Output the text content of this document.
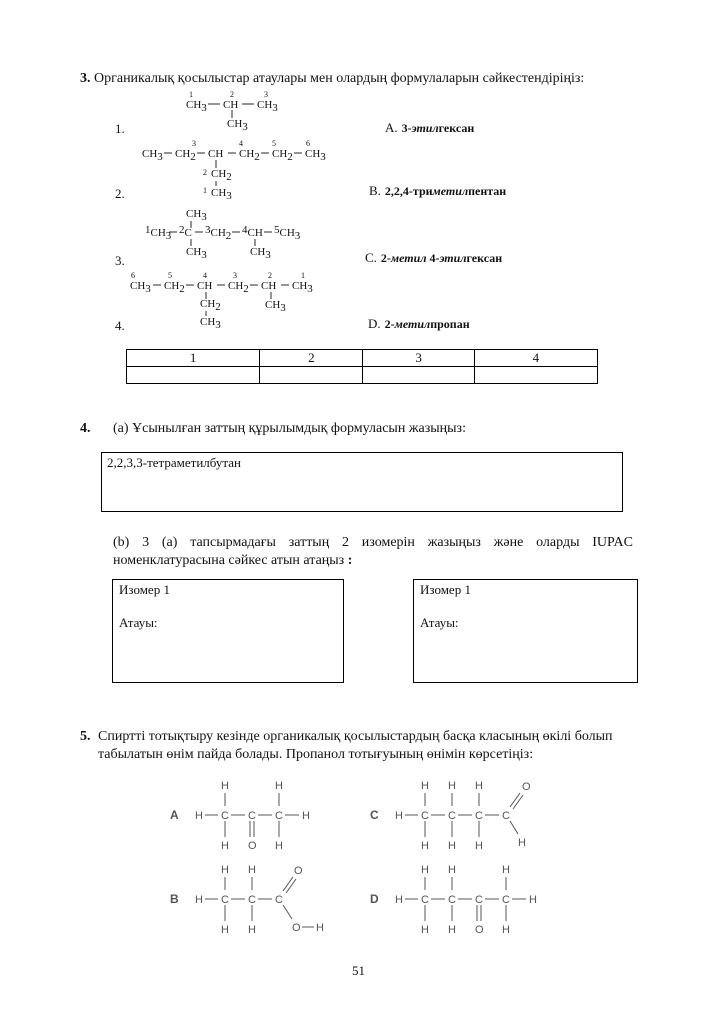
3. Органикалық қосылыстар атаулары мен олардың формулаларын сәйкестендіріңіз:
1	2	3
CH3 CH CH3
CH3
3	4	5	6
CH3 CH2 CH CH2 CH2 CH3
2 CH2
1 CH3
CH3
1CH3 2C 3CH2 4CH 5CH3
CH3	CH3
6	5	4	3	2	1
CH3 CH2 CH CH2 CH CH3
CH2
CH3
CH3
1.
2.
3.
4.
A. 3-этилгексан
B. 2,2,4-триметилпентан
C. 2-метил 4-этилгексан
D. 2-метилпропан
1	2	3	4

4. (а) Ұсынылған заттың құрылымдық формуласын жазыңыз:
2,2,3,3-тетраметилбутан
(b) 3 (а) тапсырмадағы заттың 2 изомерін жазыңыз және оларды IUPAC номенклатурасына сәйкес атын атаңыз :
Изомер 1
Атауы:
Изомер 1
Атауы:
5. Спиртті тотықтыру кезінде органикалық қосылыстардың басқа класының өкілі болып табылатын өнім пайда болады. Пропанол тотығуының өнімін көрсетіңіз:
A H C C C H
H
H
H
H
O
C H C C C C
H
H
H
H
H
H
O
H
B H C C C
H
H
H
H
O
O H
D H C C C C H
H
H
H
H O
H
H
51
